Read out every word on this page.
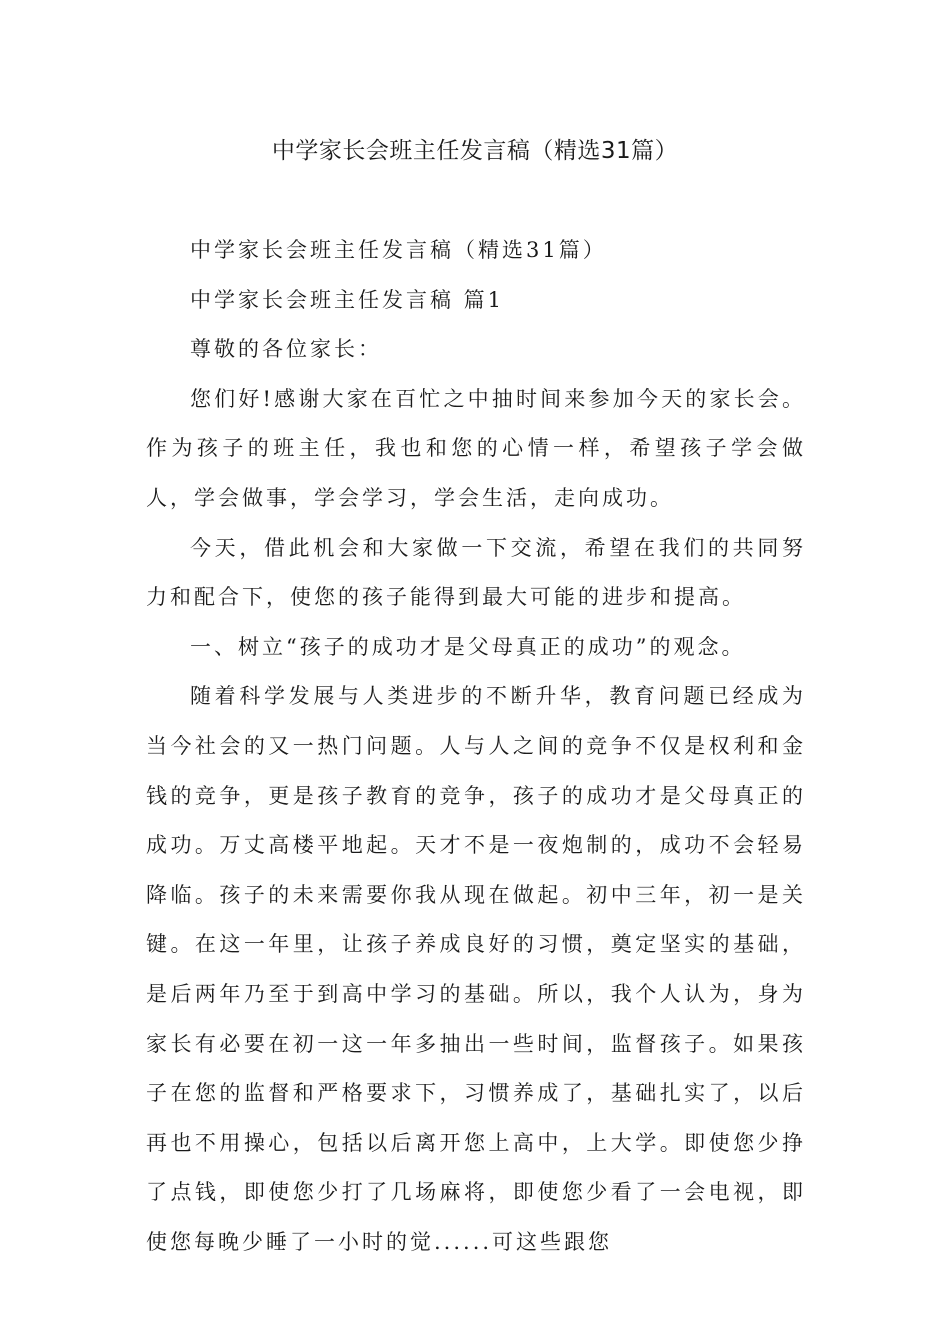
中学家长会班主任发言稿（精选31篇）

中学家长会班主任发言稿（精选31篇）

中学家长会班主任发言稿 篇1

尊敬的各位家长：

您们好!感谢大家在百忙之中抽时间来参加今天的家长会。作为孩子的班主任，我也和您的心情一样，希望孩子学会做人，学会做事，学会学习，学会生活，走向成功。

今天，借此机会和大家做一下交流，希望在我们的共同努力和配合下，使您的孩子能得到最大可能的进步和提高。

一、树立“孩子的成功才是父母真正的成功”的观念。

随着科学发展与人类进步的不断升华，教育问题已经成为当今社会的又一热门问题。人与人之间的竞争不仅是权利和金钱的竞争，更是孩子教育的竞争，孩子的成功才是父母真正的成功。万丈高楼平地起。天才不是一夜炮制的，成功不会轻易降临。孩子的未来需要你我从现在做起。初中三年，初一是关键。在这一年里，让孩子养成良好的习惯，奠定坚实的基础，是后两年乃至于到高中学习的基础。所以，我个人认为，身为家长有必要在初一这一年多抽出一些时间，监督孩子。如果孩子在您的监督和严格要求下，习惯养成了，基础扎实了，以后再也不用操心，包括以后离开您上高中，上大学。即使您少挣了点钱，即使您少打了几场麻将，即使您少看了一会电视，即使您每晚少睡了一小时的觉......可这些跟您
